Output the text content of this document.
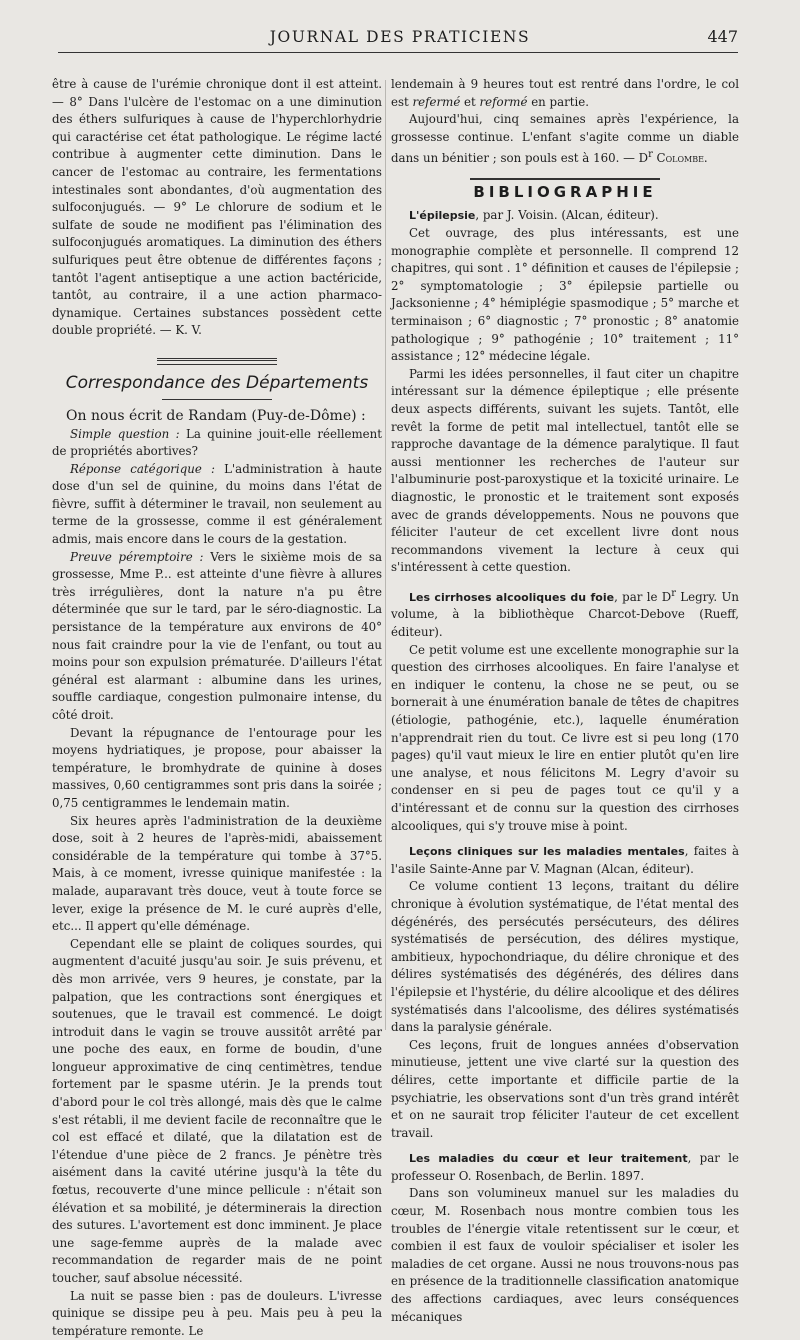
JOURNAL DES PRATICIENS	447

être à cause de l'urémie chronique dont il est atteint. — 8° Dans l'ulcère de l'estomac on a une diminution des éthers sulfuriques à cause de l'hyperchlorhydrie qui caractérise cet état pathologique. Le régime lacté contribue à augmenter cette diminution. Dans le cancer de l'estomac au contraire, les fermentations intestinales sont abondantes, d'où augmentation des sulfoconjugués. — 9° Le chlorure de sodium et le sulfate de soude ne modifient pas l'élimination des sulfoconjugués aromatiques. La diminution des éthers sulfuriques peut être obtenue de différentes façons ; tantôt l'agent antiseptique a une action bactéricide, tantôt, au contraire, il a une action pharmaco-dynamique. Certaines substances possèdent cette double propriété. — K. V.

Correspondance des Départements

On nous écrit de Randam (Puy-de-Dôme) :

Simple question : La quinine jouit-elle réellement de propriétés abortives?

Réponse catégorique : L'administration à haute dose d'un sel de quinine, du moins dans l'état de fièvre, suffit à déterminer le travail, non seulement au terme de la grossesse, comme il est généralement admis, mais encore dans le cours de la gestation.

Preuve péremptoire : Vers le sixième mois de sa grossesse, Mme P... est atteinte d'une fièvre à allures très irrégulières, dont la nature n'a pu être déterminée que sur le tard, par le séro-diagnostic. La persistance de la température aux environs de 40° nous fait craindre pour la vie de l'enfant, ou tout au moins pour son expulsion prématurée. D'ailleurs l'état général est alarmant : albumine dans les urines, souffle cardiaque, congestion pulmonaire intense, du côté droit.

Devant la répugnance de l'entourage pour les moyens hydriatiques, je propose, pour abaisser la température, le bromhydrate de quinine à doses massives, 0,60 centigrammes sont pris dans la soirée ; 0,75 centigrammes le lendemain matin.

Six heures après l'administration de la deuxième dose, soit à 2 heures de l'après-midi, abaissement considérable de la température qui tombe à 37°5. Mais, à ce moment, ivresse quinique manifestée : la malade, auparavant très douce, veut à toute force se lever, exige la présence de M. le curé auprès d'elle, etc... Il appert qu'elle déménage.

Cependant elle se plaint de coliques sourdes, qui augmentent d'acuité jusqu'au soir. Je suis prévenu, et dès mon arrivée, vers 9 heures, je constate, par la palpation, que les contractions sont énergiques et soutenues, que le travail est commencé. Le doigt introduit dans le vagin se trouve aussitôt arrêté par une poche des eaux, en forme de boudin, d'une longueur approximative de cinq centimètres, tendue fortement par le spasme utérin. Je la prends tout d'abord pour le col très allongé, mais dès que le calme s'est rétabli, il me devient facile de reconnaître que le col est effacé et dilaté, que la dilatation est de l'étendue d'une pièce de 2 francs. Je pénètre très aisément dans la cavité utérine jusqu'à la tête du fœtus, recouverte d'une mince pellicule : n'était son élévation et sa mobilité, je déterminerais la direction des sutures. L'avortement est donc imminent. Je place une sage-femme auprès de la malade avec recommandation de regarder mais de ne point toucher, sauf absolue nécessité.

La nuit se passe bien : pas de douleurs. L'ivresse quinique se dissipe peu à peu. Mais peu à peu la température remonte. Le

lendemain à 9 heures tout est rentré dans l'ordre, le col est refermé et reformé en partie.

Aujourd'hui, cinq semaines après l'expérience, la grossesse continue. L'enfant s'agite comme un diable dans un bénitier ; son pouls est à 160. — $D^r$ Colombe.

BIBLIOGRAPHIE

L'épilepsie, par J. Voisin. (Alcan, éditeur).

Cet ouvrage, des plus intéressants, est une monographie complète et personnelle. Il comprend 12 chapitres, qui sont . 1° définition et causes de l'épilepsie ; 2° symptomatologie ; 3° épilepsie partielle ou Jacksonienne ; 4° hémiplégie spasmodique ; 5° marche et terminaison ; 6° diagnostic ; 7° pronostic ; 8° anatomie pathologique ; 9° pathogénie ; 10° traitement ; 11° assistance ; 12° médecine légale.

Parmi les idées personnelles, il faut citer un chapitre intéressant sur la démence épileptique ; elle présente deux aspects différents, suivant les sujets. Tantôt, elle revêt la forme de petit mal intellectuel, tantôt elle se rapproche davantage de la démence paralytique. Il faut aussi mentionner les recherches de l'auteur sur l'albuminurie post-paroxystique et la toxicité urinaire. Le diagnostic, le pronostic et le traitement sont exposés avec de grands développements. Nous ne pouvons que féliciter l'auteur de cet excellent livre dont nous recommandons vivement la lecture à ceux qui s'intéressent à cette question.

Les cirrhoses alcooliques du foie, par le $D^r$ Legry. Un volume, à la bibliothèque Charcot-Debove (Rueff, éditeur).

Ce petit volume est une excellente monographie sur la question des cirrhoses alcooliques. En faire l'analyse et en indiquer le contenu, la chose ne se peut, ou se bornerait à une énumération banale de têtes de chapitres (étiologie, pathogénie, etc.), laquelle énumération n'apprendrait rien du tout. Ce livre est si peu long (170 pages) qu'il vaut mieux le lire en entier plutôt qu'en lire une analyse, et nous félicitons M. Legry d'avoir su condenser en si peu de pages tout ce qu'il y a d'intéressant et de connu sur la question des cirrhoses alcooliques, qui s'y trouve mise à point.

Leçons cliniques sur les maladies mentales, faites à l'asile Sainte-Anne par V. Magnan (Alcan, éditeur).

Ce volume contient 13 leçons, traitant du délire chronique à évolution systématique, de l'état mental des dégénérés, des persécutés persécuteurs, des délires systématisés de persécution, des délires mystique, ambitieux, hypochondriaque, du délire chronique et des délires systématisés des dégénérés, des délires dans l'épilepsie et l'hystérie, du délire alcoolique et des délires systématisés dans l'alcoolisme, des délires systématisés dans la paralysie générale.

Ces leçons, fruit de longues années d'observation minutieuse, jettent une vive clarté sur la question des délires, cette importante et difficile partie de la psychiatrie, les observations sont d'un très grand intérêt et on ne saurait trop féliciter l'auteur de cet excellent travail.

Les maladies du cœur et leur traitement, par le professeur O. Rosenbach, de Berlin. 1897.

Dans son volumineux manuel sur les maladies du cœur, M. Rosenbach nous montre combien tous les troubles de l'énergie vitale retentissent sur le cœur, et combien il est faux de vouloir spécialiser et isoler les maladies de cet organe. Aussi ne nous trouvons-nous pas en présence de la traditionnelle classification anatomique des affections cardiaques, avec leurs conséquences mécaniques
